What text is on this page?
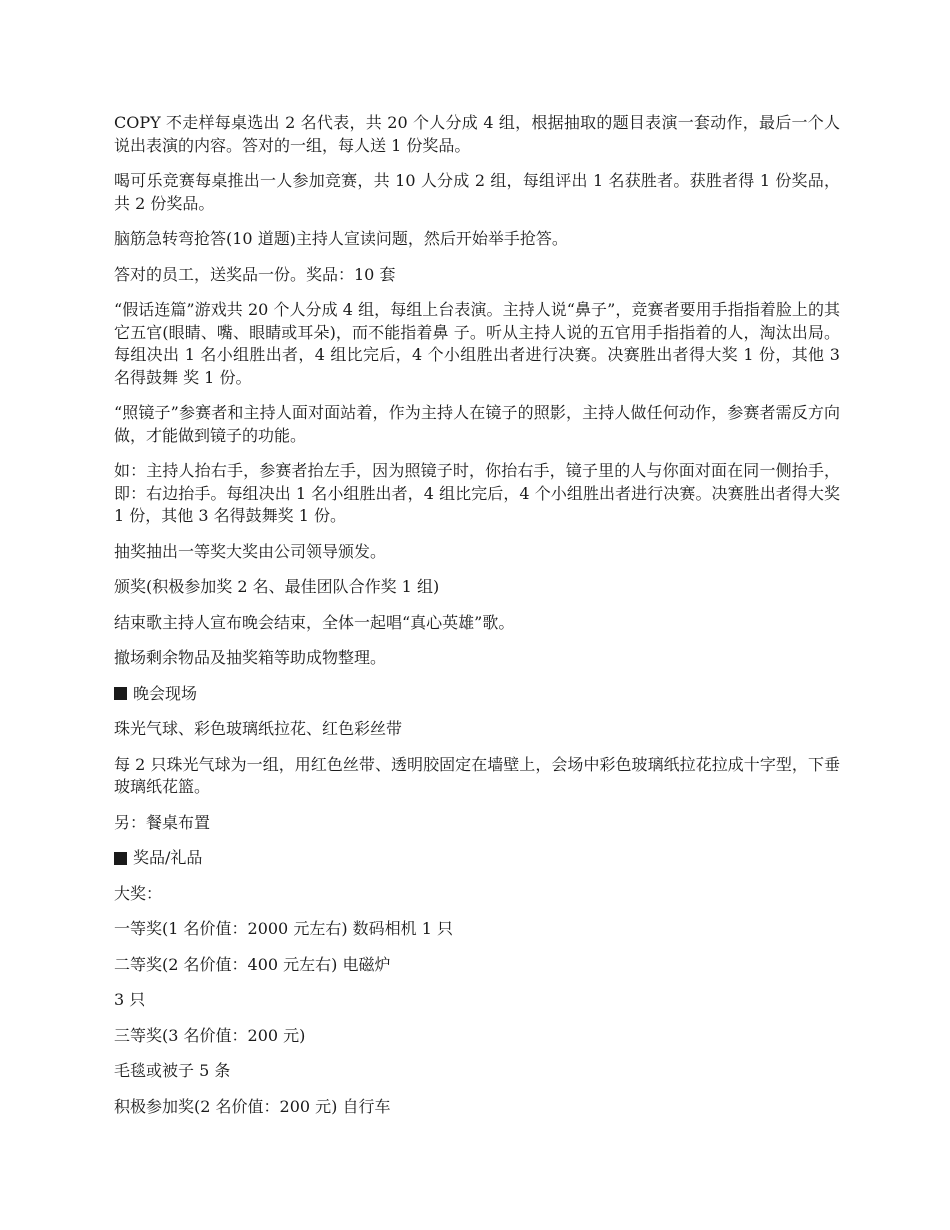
COPY 不走样每桌选出 2 名代表，共 20 个人分成 4 组，根据抽取的题目表演一套动作，最后一个人说出表演的内容。答对的一组，每人送 1 份奖品。

喝可乐竞赛每桌推出一人参加竞赛，共 10 人分成 2 组，每组评出 1 名获胜者。获胜者得 1 份奖品，共 2 份奖品。

脑筋急转弯抢答(10 道题)主持人宣读问题，然后开始举手抢答。

答对的员工，送奖品一份。奖品：10 套

“假话连篇”游戏共 20 个人分成 4 组，每组上台表演。主持人说“鼻子”，竞赛者要用手指指着脸上的其它五官(眼睛、嘴、眼睛或耳朵)，而不能指着鼻 子。听从主持人说的五官用手指指着的人，淘汰出局。每组决出 1 名小组胜出者，4 组比完后，4 个小组胜出者进行决赛。决赛胜出者得大奖 1 份，其他 3 名得鼓舞 奖 1 份。

“照镜子”参赛者和主持人面对面站着，作为主持人在镜子的照影，主持人做任何动作，参赛者需反方向做，才能做到镜子的功能。

如：主持人抬右手，参赛者抬左手，因为照镜子时，你抬右手，镜子里的人与你面对面在同一侧抬手，即：右边抬手。每组决出 1 名小组胜出者，4 组比完后，4 个小组胜出者进行决赛。决赛胜出者得大奖 1 份，其他 3 名得鼓舞奖 1 份。

抽奖抽出一等奖大奖由公司领导颁发。

颁奖(积极参加奖 2 名、最佳团队合作奖 1 组)

结束歌主持人宣布晚会结束，全体一起唱“真心英雄”歌。

撤场剩余物品及抽奖箱等助成物整理。

晚会现场

珠光气球、彩色玻璃纸拉花、红色彩丝带

每 2 只珠光气球为一组，用红色丝带、透明胶固定在墙壁上，会场中彩色玻璃纸拉花拉成十字型，下垂玻璃纸花篮。

另：餐桌布置

奖品/礼品

大奖：

一等奖(1 名价值：2000 元左右) 数码相机 1 只

二等奖(2 名价值：400 元左右) 电磁炉

3 只

三等奖(3 名价值：200 元)

毛毯或被子 5 条

积极参加奖(2 名价值：200 元) 自行车
